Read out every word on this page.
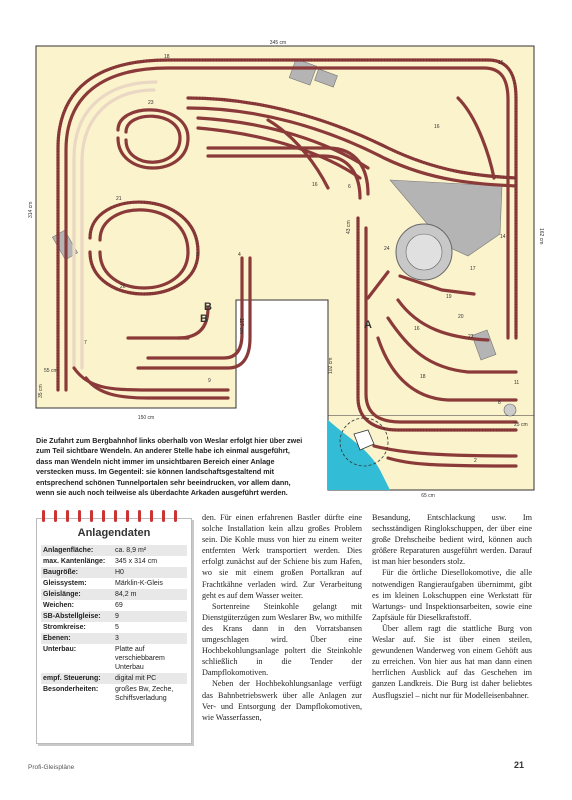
345 cm
314 cm
162 cm
117 cm
102 cm
35 cm
150 cm
65 cm
25 cm
55 cm
43 cm
B
B	A
18
23
21
26
7
9
16
16
15
11
18
2
4
16
5
17
19
20
22
24
6
8
14
Die Zufahrt zum Bergbahnhof links oberhalb von Weslar erfolgt hier über zwei zum Teil sichtbare Wendeln. An anderer Stelle habe ich einmal ausgeführt, dass man Wendeln nicht immer im unsichtbaren Bereich einer Anlage verstecken muss. Im Gegenteil: sie können landschaftsgestaltend mit entsprechend schönen Tunnelportalen sehr beeindrucken, vor allem dann, wenn sie auch noch teilweise als überdachte Arkaden ausgeführt werden.
Anlagendaten
Anlagenfläche:	ca. 8,9 m²
max. Kantenlänge:	345 x 314 cm
Baugröße:	H0
Gleissystem:	Märklin-K-Gleis
Gleislänge:	84,2 m
Weichen:	69
SB-Abstellgleise:	9
Stromkreise:	5
Ebenen:	3
Unterbau:	Platte auf verschiebbarem Unterbau
empf. Steuerung:	digital mit PC
Besonderheiten:	großes Bw, Zeche, Schiffsverladung

den. Für einen erfahrenen Bastler dürfte eine solche Installation kein allzu großes Problem sein. Die Kohle muss von hier zu einem weiter entfernten Werk transportiert werden. Dies erfolgt zunächst auf der Schiene bis zum Hafen, wo sie mit einem großen Portalkran auf Frachtkähne verladen wird. Zur Verarbeitung geht es auf dem Wasser weiter.

Sortenreine Steinkohle gelangt mit Dienstgüterzügen zum Weslarer Bw, wo mithilfe des Krans dann in den Vorratsbansen umgeschlagen wird. Über eine Hochbekohlungsanlage poltert die Steinkohle schließlich in die Tender der Dampflokomotiven.

Neben der Hochbekohlungsanlage verfügt das Bahnbetriebswerk über alle Anlagen zur Ver- und Entsorgung der Dampflokomotiven, wie Wasserfassen,

Besandung, Entschlackung usw. Im sechsständigen Ringlokschuppen, der über eine große Drehscheibe bedient wird, können auch größere Reparaturen ausgeführt werden. Darauf ist man hier besonders stolz.

Für die örtliche Diesellokomotive, die alle notwendigen Rangieraufgaben übernimmt, gibt es im kleinen Lokschuppen eine Werkstatt für Wartungs- und Inspektionsarbeiten, sowie eine Zapfsäule für Dieselkraftstoff.

Über allem ragt die stattliche Burg von Weslar auf. Sie ist über einen steilen, gewundenen Wanderweg von einem Gehöft aus zu erreichen. Von hier aus hat man dann einen herrlichen Ausblick auf das Geschehen im ganzen Landkreis. Die Burg ist daher beliebtes Ausflugsziel – nicht nur für Modelleisenbahner.

Profi-Gleispläne	21
